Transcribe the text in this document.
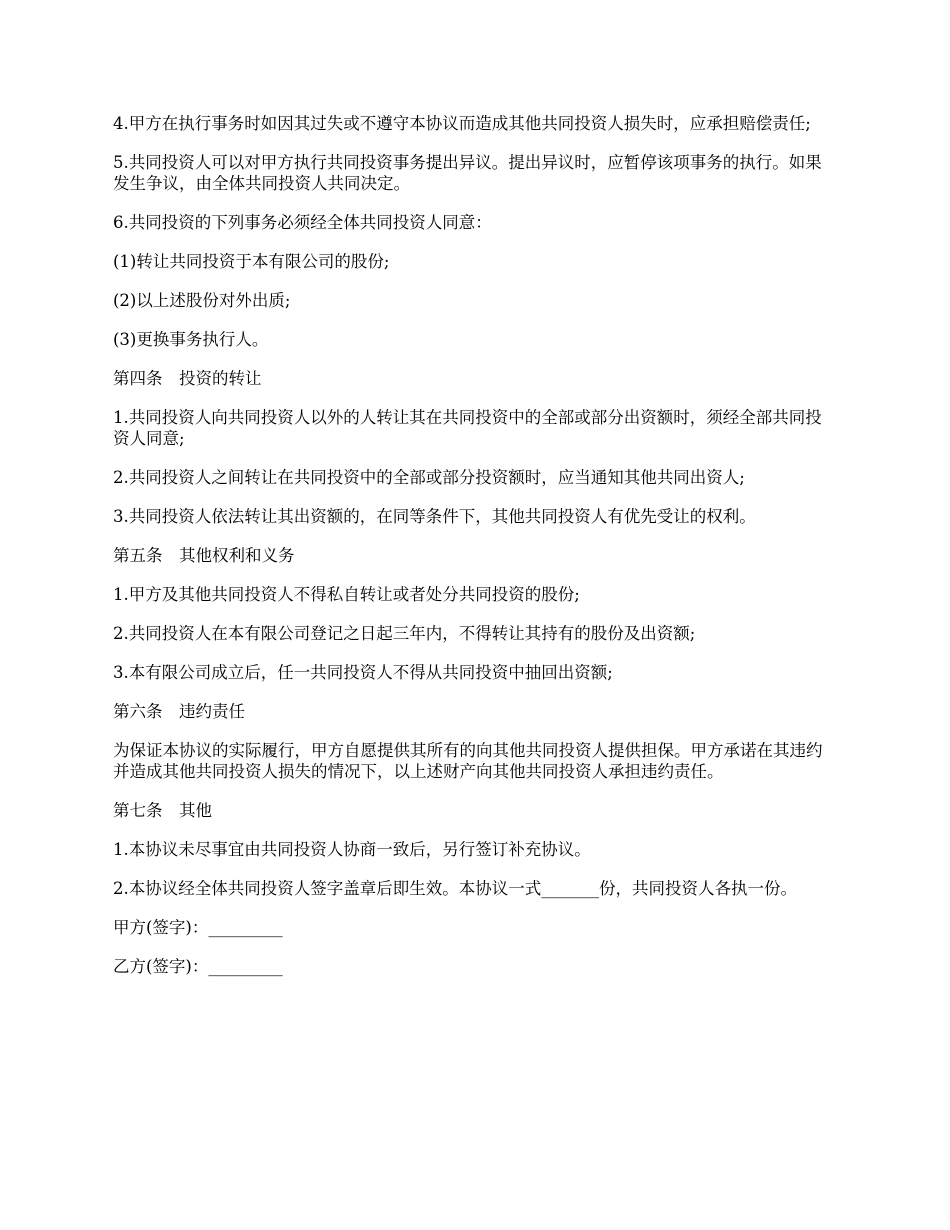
4.甲方在执行事务时如因其过失或不遵守本协议而造成其他共同投资人损失时，应承担赔偿责任;

5.共同投资人可以对甲方执行共同投资事务提出异议。提出异议时，应暂停该项事务的执行。如果发生争议，由全体共同投资人共同决定。

6.共同投资的下列事务必须经全体共同投资人同意：

(1)转让共同投资于本有限公司的股份;

(2)以上述股份对外出质;

(3)更换事务执行人。

第四条　投资的转让

1.共同投资人向共同投资人以外的人转让其在共同投资中的全部或部分出资额时，须经全部共同投资人同意;

2.共同投资人之间转让在共同投资中的全部或部分投资额时，应当通知其他共同出资人;

3.共同投资人依法转让其出资额的，在同等条件下，其他共同投资人有优先受让的权利。

第五条　其他权利和义务

1.甲方及其他共同投资人不得私自转让或者处分共同投资的股份;

2.共同投资人在本有限公司登记之日起三年内，不得转让其持有的股份及出资额;

3.本有限公司成立后，任一共同投资人不得从共同投资中抽回出资额;

第六条　违约责任

为保证本协议的实际履行，甲方自愿提供其所有的向其他共同投资人提供担保。甲方承诺在其违约并造成其他共同投资人损失的情况下，以上述财产向其他共同投资人承担违约责任。

第七条　其他

1.本协议未尽事宜由共同投资人协商一致后，另行签订补充协议。

2.本协议经全体共同投资人签字盖章后即生效。本协议一式_______份，共同投资人各执一份。

甲方(签字)：_________

乙方(签字)：_________
